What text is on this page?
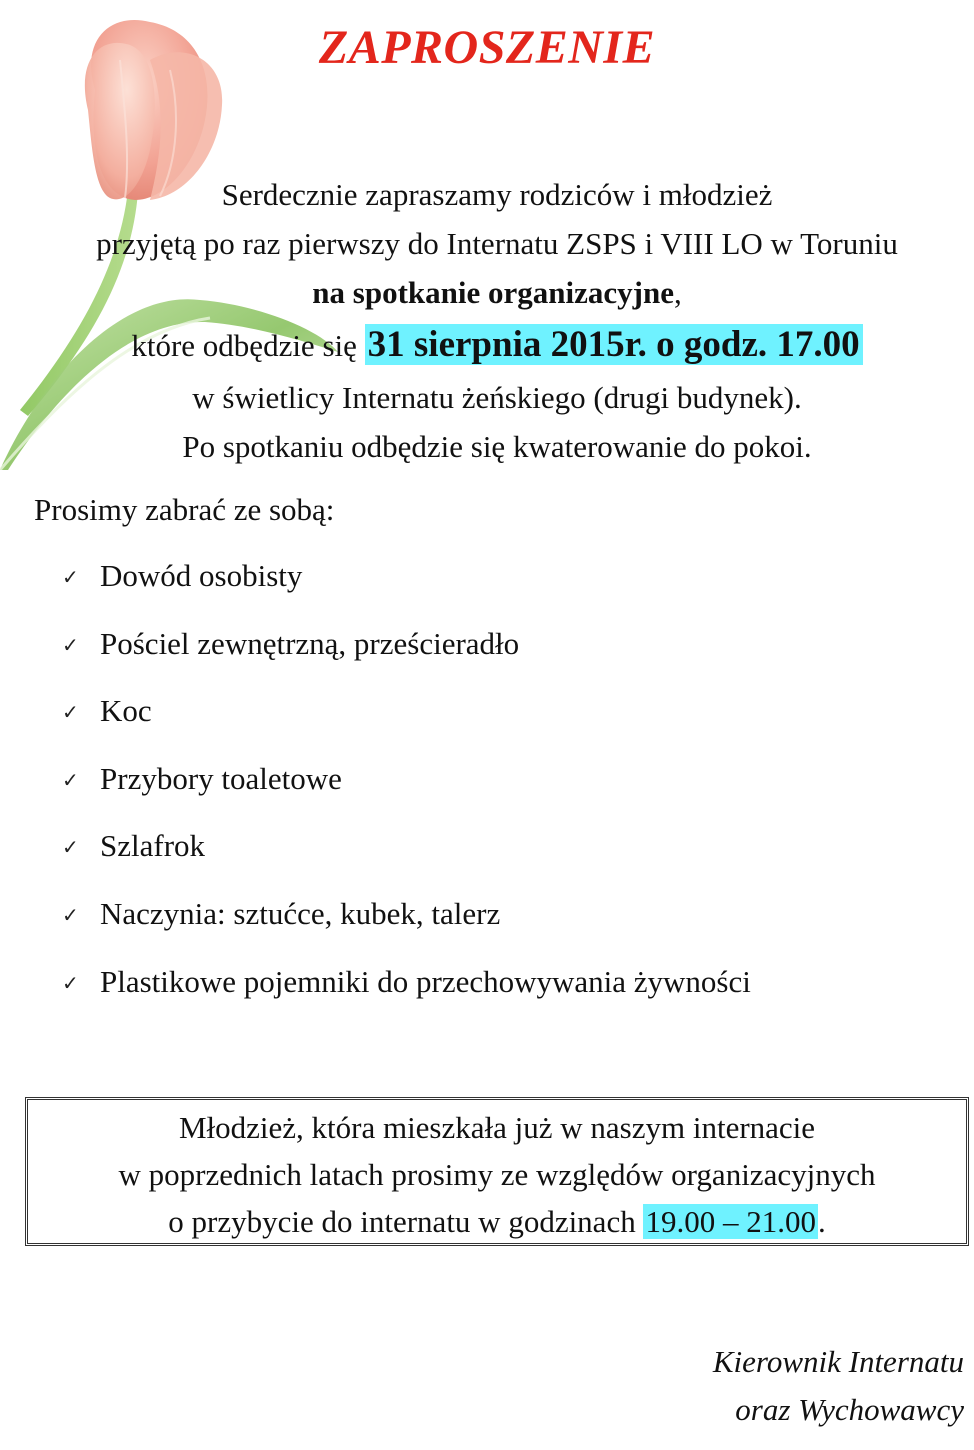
ZAPROSZENIE
Serdecznie zapraszamy rodziców i młodzież
przyjętą po raz pierwszy do Internatu ZSPS i VIII LO w Toruniu
na spotkanie organizacyjne,
które odbędzie się 31 sierpnia 2015r. o godz. 17.00
w świetlicy Internatu żeńskiego (drugi budynek).
Po spotkaniu odbędzie się kwaterowanie do pokoi.
Prosimy zabrać ze sobą:
✓ Dowód osobisty
✓ Pościel zewnętrzną, prześcieradło
✓ Koc
✓ Przybory toaletowe
✓ Szlafrok
✓ Naczynia: sztućce, kubek, talerz
✓ Plastikowe pojemniki do przechowywania żywności
Młodzież, która mieszkała już w naszym internacie
w poprzednich latach prosimy ze względów organizacyjnych
o przybycie do internatu w godzinach 19.00 – 21.00.
Kierownik Internatu
oraz Wychowawcy
